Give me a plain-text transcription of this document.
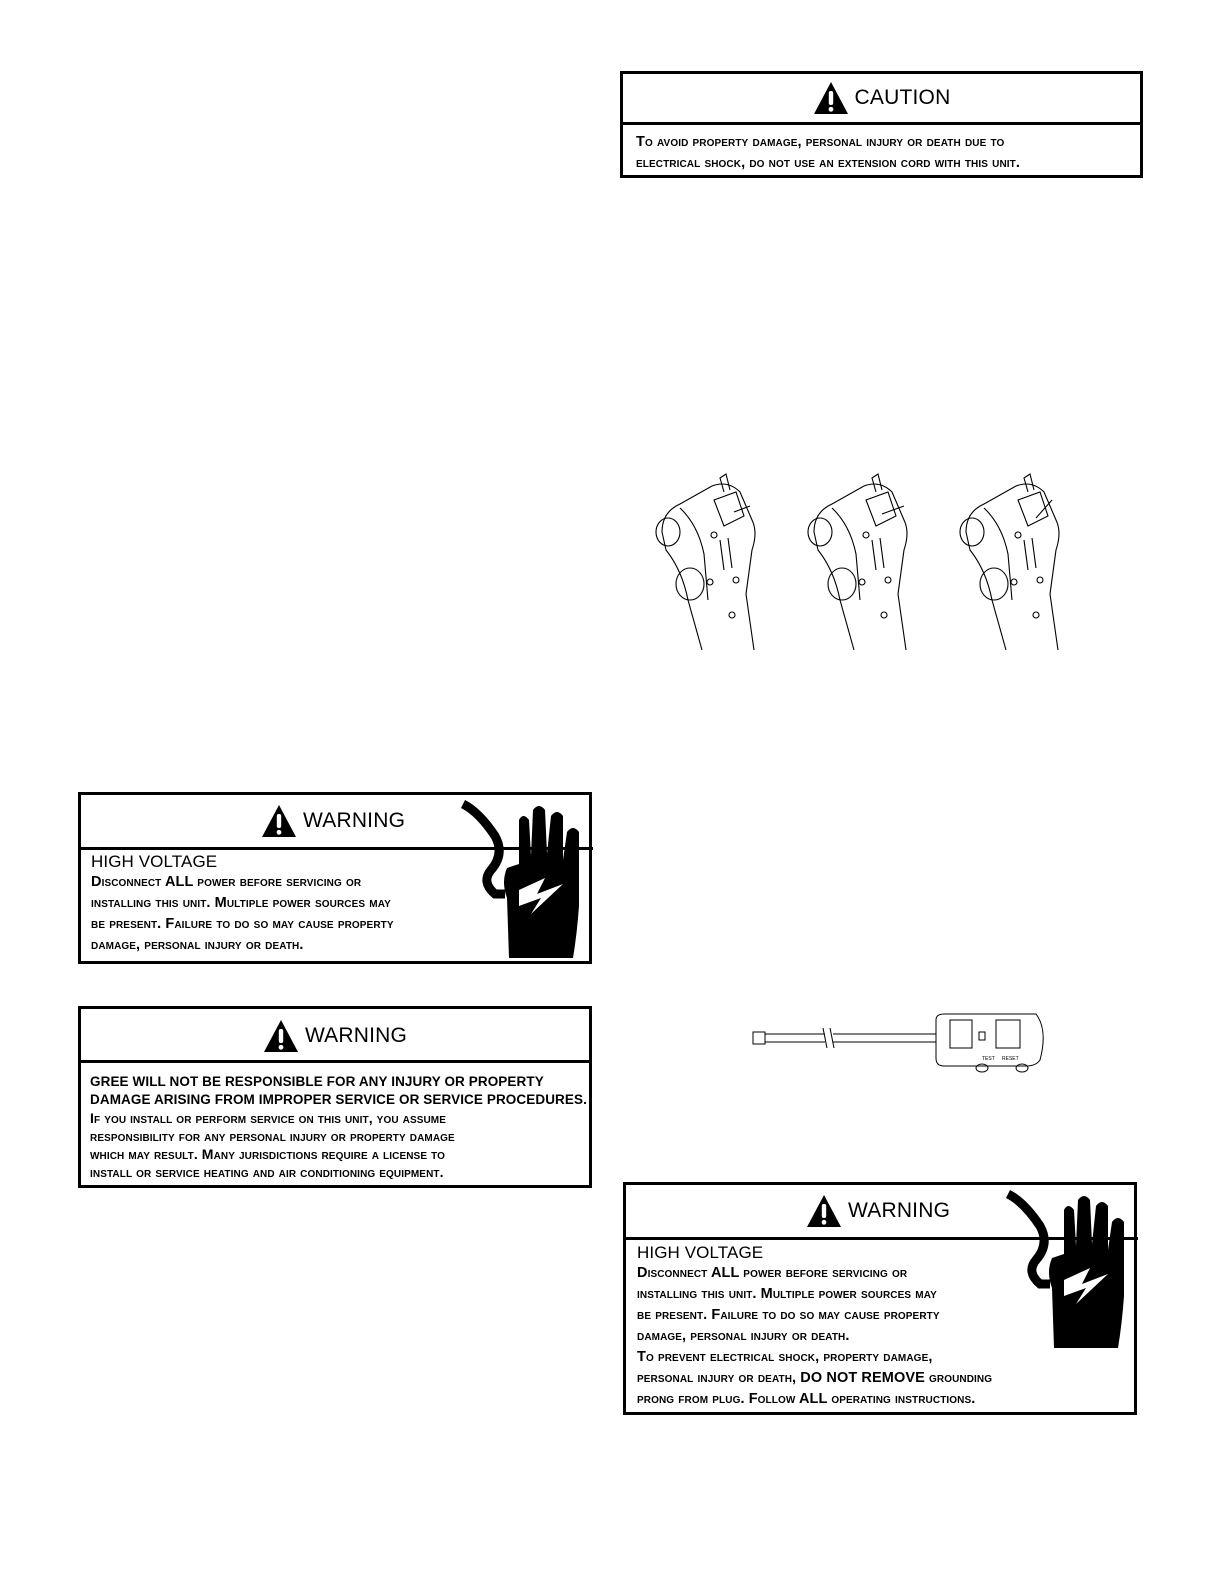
CAUTION
To avoid property damage, personal injury or death due to
electrical shock, do not use an extension cord with this unit.
WARNING
HIGH VOLTAGE
Disconnect ALL power before servicing or
installing this unit. Multiple power sources may
be present. Failure to do so may cause property
damage, personal injury or death.
WARNING
GREE WILL NOT BE RESPONSIBLE FOR ANY INJURY OR PROPERTY
DAMAGE ARISING FROM IMPROPER SERVICE OR SERVICE PROCEDURES.
If you install or perform service on this unit, you assume
responsibility for any personal injury or property damage
which may result. Many jurisdictions require a license to
install or service heating and air conditioning equipment.
TEST RESET
WARNING
HIGH VOLTAGE
Disconnect ALL power before servicing or
installing this unit. Multiple power sources may
be present. Failure to do so may cause property
damage, personal injury or death.
To prevent electrical shock, property damage,
personal injury or death, DO NOT REMOVE grounding
prong from plug. Follow ALL operating instructions.
